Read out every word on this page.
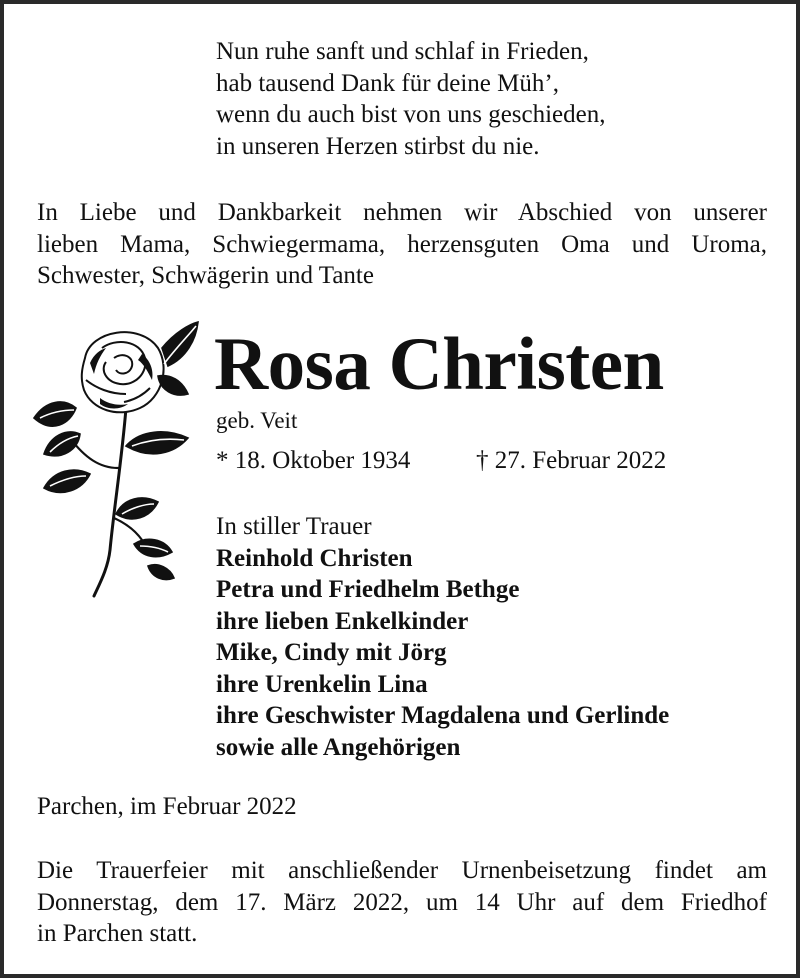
Nun ruhe sanft und schlaf in Frieden,
hab tausend Dank für deine Müh’,
wenn du auch bist von uns geschieden,
in unseren Herzen stirbst du nie.
In Liebe und Dankbarkeit nehmen wir Abschied von unserer
lieben Mama, Schwiegermama, herzensguten Oma und Uroma,
Schwester, Schwägerin und Tante
Rosa Christen
geb. Veit
* 18. Oktober 1934	† 27. Februar 2022
In stiller Trauer
Reinhold Christen
Petra und Friedhelm Bethge
ihre lieben Enkelkinder
Mike, Cindy mit Jörg
ihre Urenkelin Lina
ihre Geschwister Magdalena und Gerlinde
sowie alle Angehörigen
Parchen, im Februar 2022
Die Trauerfeier mit anschließender Urnenbeisetzung findet am
Donnerstag, dem 17. März 2022, um 14 Uhr auf dem Friedhof
in Parchen statt.
